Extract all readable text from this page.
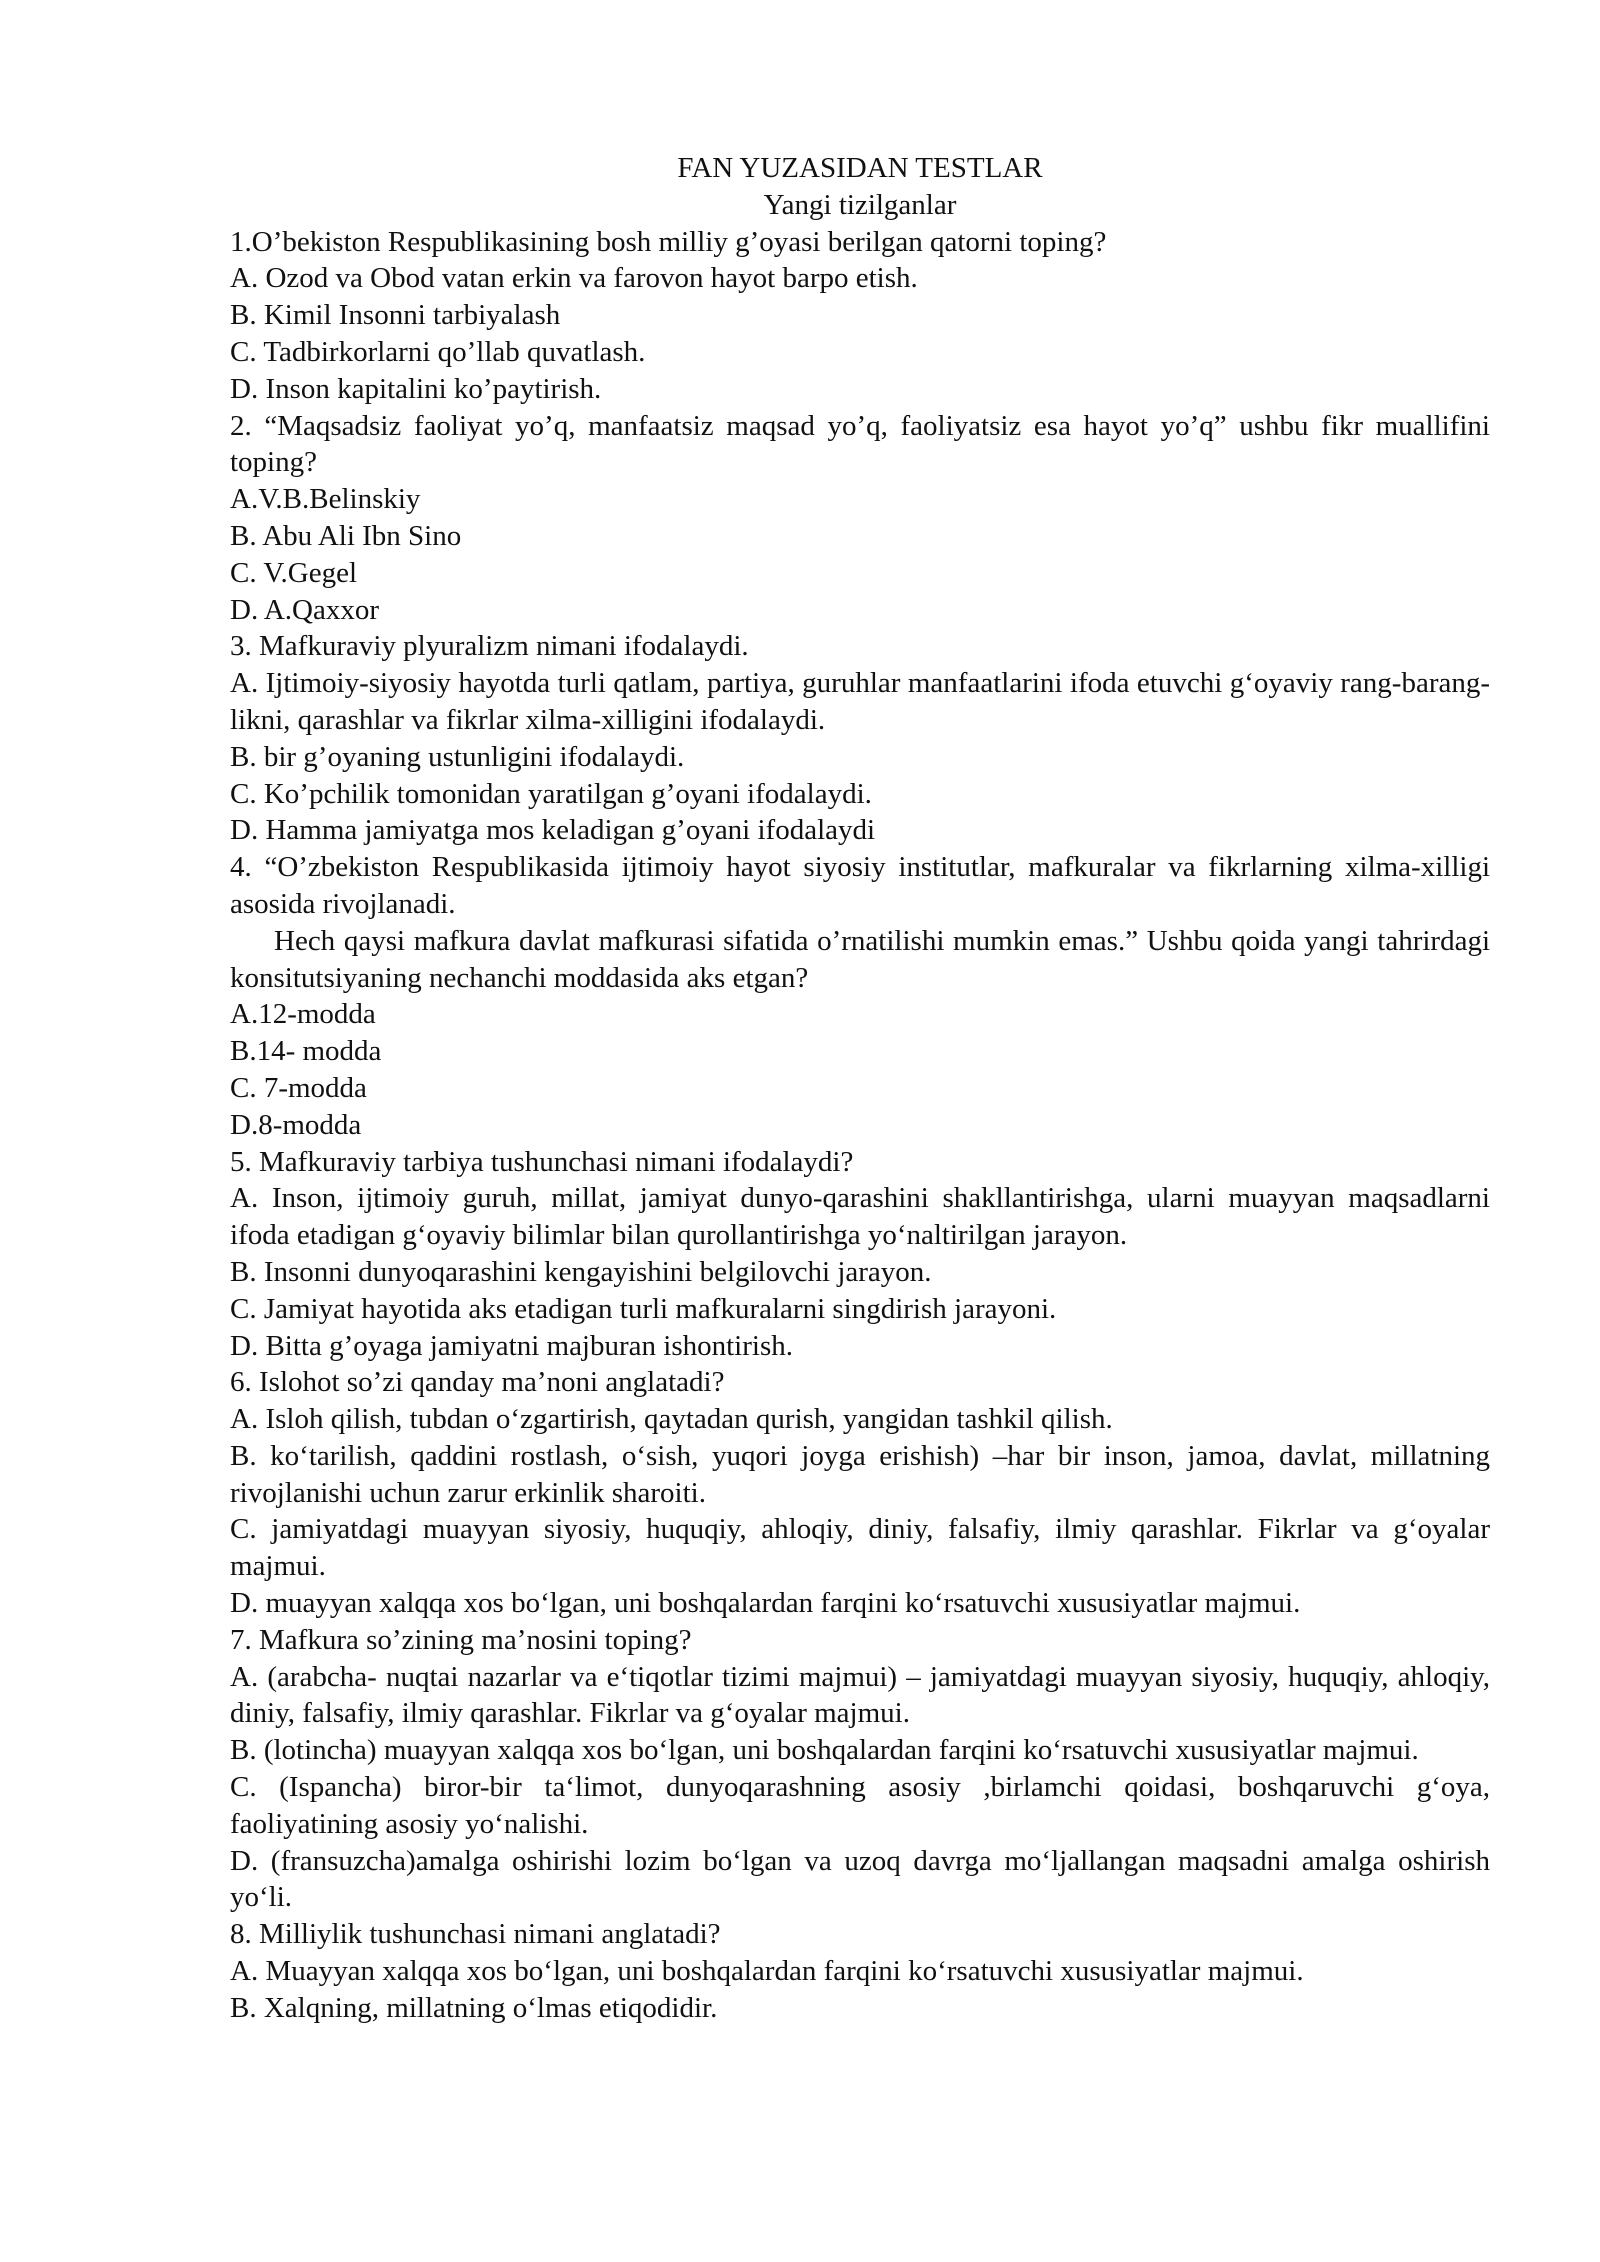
FAN YUZASIDAN TESTLAR
Yangi tizilganlar
1.O’bekiston Respublikasining bosh milliy g’oyasi berilgan qatorni toping?
A. Ozod va Obod vatan erkin va farovon hayot barpo etish.
B. Kimil Insonni tarbiyalash
C. Tadbirkorlarni qo’llab quvatlash.
D. Inson kapitalini ko’paytirish.
2. “Maqsadsiz faoliyat yo’q, manfaatsiz maqsad yo’q, faoliyatsiz esa hayot yo’q” ushbu fikr muallifini toping?
A.V.B.Belinskiy
B. Abu Ali Ibn Sino
C. V.Gegel
D. A.Qaxxor
3. Mafkuraviy plyuralizm nimani ifodalaydi.
A. Ijtimoiy-siyosiy hayotda turli qatlam, partiya, guruhlar manfaatlarini ifoda etuvchi g‘oyaviy rang-barang-likni, qarashlar va fikrlar xilma-xilligini ifodalaydi.
B. bir g’oyaning ustunligini ifodalaydi.
C. Ko’pchilik tomonidan yaratilgan g’oyani ifodalaydi.
D. Hamma jamiyatga mos keladigan g’oyani ifodalaydi
4. “O’zbekiston Respublikasida ijtimoiy hayot siyosiy institutlar, mafkuralar va fikrlarning xilma-xilligi asosida rivojlanadi.
Hech qaysi mafkura davlat mafkurasi sifatida o’rnatilishi mumkin emas.” Ushbu qoida yangi tahrirdagi konsitutsiyaning nechanchi moddasida aks etgan?
A.12-modda
B.14- modda
C. 7-modda
D.8-modda
5. Mafkuraviy tarbiya tushunchasi nimani ifodalaydi?
A. Inson, ijtimoiy guruh, millat, jamiyat dunyo-qarashini shakllantirishga, ularni muayyan maqsadlarni ifoda etadigan g‘oyaviy bilimlar bilan qurollantirishga yo‘naltirilgan jarayon.
B. Insonni dunyoqarashini kengayishini belgilovchi jarayon.
C. Jamiyat hayotida aks etadigan turli mafkuralarni singdirish jarayoni.
D. Bitta g’oyaga jamiyatni majburan ishontirish.
6. Islohot so’zi qanday ma’noni anglatadi?
A. Isloh qilish, tubdan o‘zgartirish, qaytadan qurish, yangidan tashkil qilish.
B. ko‘tarilish, qaddini rostlash, o‘sish, yuqori joyga erishish) –har bir inson, jamoa, davlat, millatning rivojlanishi uchun zarur erkinlik sharoiti.
C. jamiyatdagi muayyan siyosiy, huquqiy, ahloqiy, diniy, falsafiy, ilmiy qarashlar. Fikrlar va g‘oyalar majmui.
D. muayyan xalqqa xos bo‘lgan, uni boshqalardan farqini ko‘rsatuvchi xususiyatlar majmui.
7. Mafkura so’zining ma’nosini toping?
A. (arabcha- nuqtai nazarlar va e‘tiqotlar tizimi majmui) – jamiyatdagi muayyan siyosiy, huquqiy, ahloqiy, diniy, falsafiy, ilmiy qarashlar. Fikrlar va g‘oyalar majmui.
B. (lotincha) muayyan xalqqa xos bo‘lgan, uni boshqalardan farqini ko‘rsatuvchi xususiyatlar majmui.
C. (Ispancha) biror-bir ta‘limot, dunyoqarashning asosiy ,birlamchi qoidasi, boshqaruvchi g‘oya, faoliyatining asosiy yo‘nalishi.
D. (fransuzcha)amalga oshirishi lozim bo‘lgan va uzoq davrga mo‘ljallangan maqsadni amalga oshirish yo‘li.
8. Milliylik tushunchasi nimani anglatadi?
A. Muayyan xalqqa xos bo‘lgan, uni boshqalardan farqini ko‘rsatuvchi xususiyatlar majmui.
B. Xalqning, millatning o‘lmas etiqodidir.
